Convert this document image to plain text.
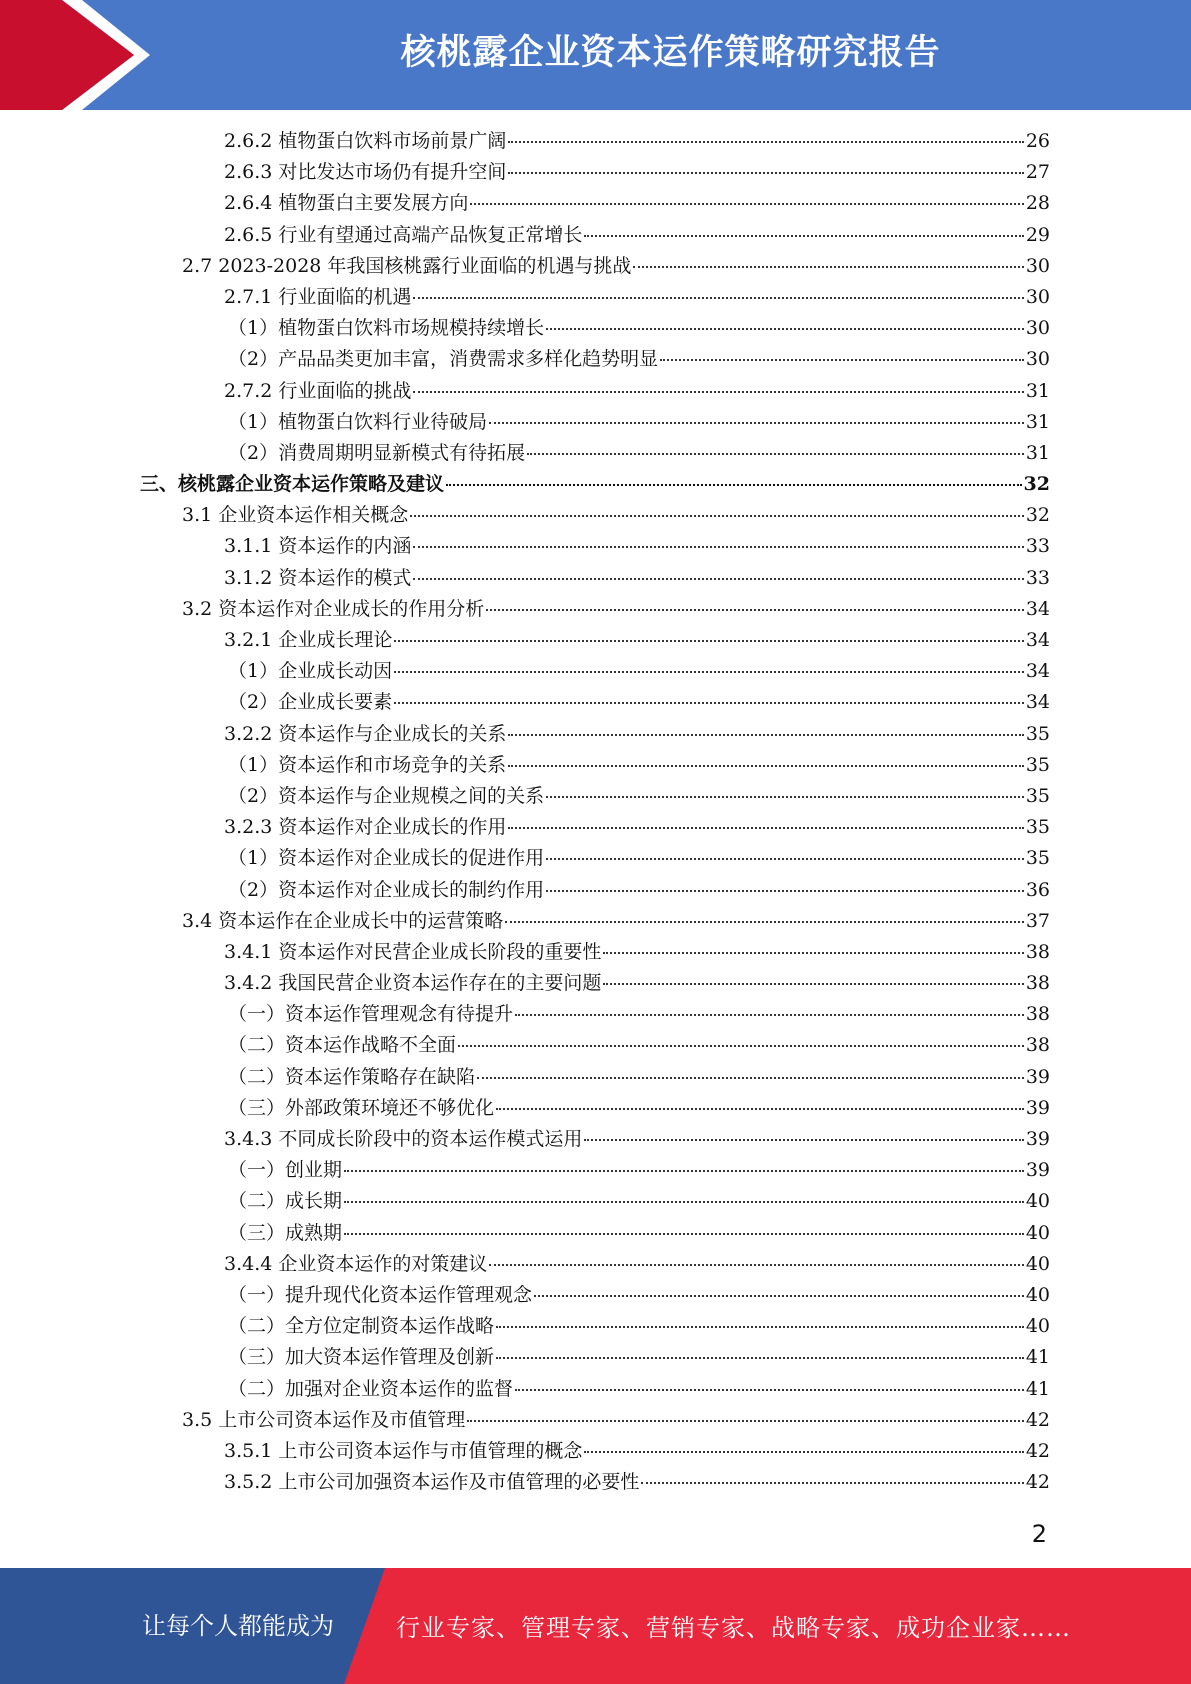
核桃露企业资本运作策略研究报告
2.6.2 植物蛋白饮料市场前景广阔	26
2.6.3 对比发达市场仍有提升空间	27
2.6.4 植物蛋白主要发展方向	28
2.6.5 行业有望通过高端产品恢复正常增长	29
2.7 2023-2028 年我国核桃露行业面临的机遇与挑战	30
2.7.1 行业面临的机遇	30
（1）植物蛋白饮料市场规模持续增长	30
（2）产品品类更加丰富，消费需求多样化趋势明显	30
2.7.2 行业面临的挑战	31
（1）植物蛋白饮料行业待破局	31
（2）消费周期明显新模式有待拓展	31
三、核桃露企业资本运作策略及建议	32
3.1 企业资本运作相关概念	32
3.1.1 资本运作的内涵	33
3.1.2 资本运作的模式	33
3.2 资本运作对企业成长的作用分析	34
3.2.1 企业成长理论	34
（1）企业成长动因	34
（2）企业成长要素	34
3.2.2 资本运作与企业成长的关系	35
（1）资本运作和市场竞争的关系	35
（2）资本运作与企业规模之间的关系	35
3.2.3 资本运作对企业成长的作用	35
（1）资本运作对企业成长的促进作用	35
（2）资本运作对企业成长的制约作用	36
3.4 资本运作在企业成长中的运营策略	37
3.4.1 资本运作对民营企业成长阶段的重要性	38
3.4.2 我国民营企业资本运作存在的主要问题	38
（一）资本运作管理观念有待提升	38
（二）资本运作战略不全面	38
（二）资本运作策略存在缺陷	39
（三）外部政策环境还不够优化	39
3.4.3 不同成长阶段中的资本运作模式运用	39
（一）创业期	39
（二）成长期	40
（三）成熟期	40
3.4.4 企业资本运作的对策建议	40
（一）提升现代化资本运作管理观念	40
（二）全方位定制资本运作战略	40
（三）加大资本运作管理及创新	41
（二）加强对企业资本运作的监督	41
3.5 上市公司资本运作及市值管理	42
3.5.1 上市公司资本运作与市值管理的概念	42
3.5.2 上市公司加强资本运作及市值管理的必要性	42
2
让每个人都能成为	行业专家、管理专家、营销专家、战略专家、成功企业家……
